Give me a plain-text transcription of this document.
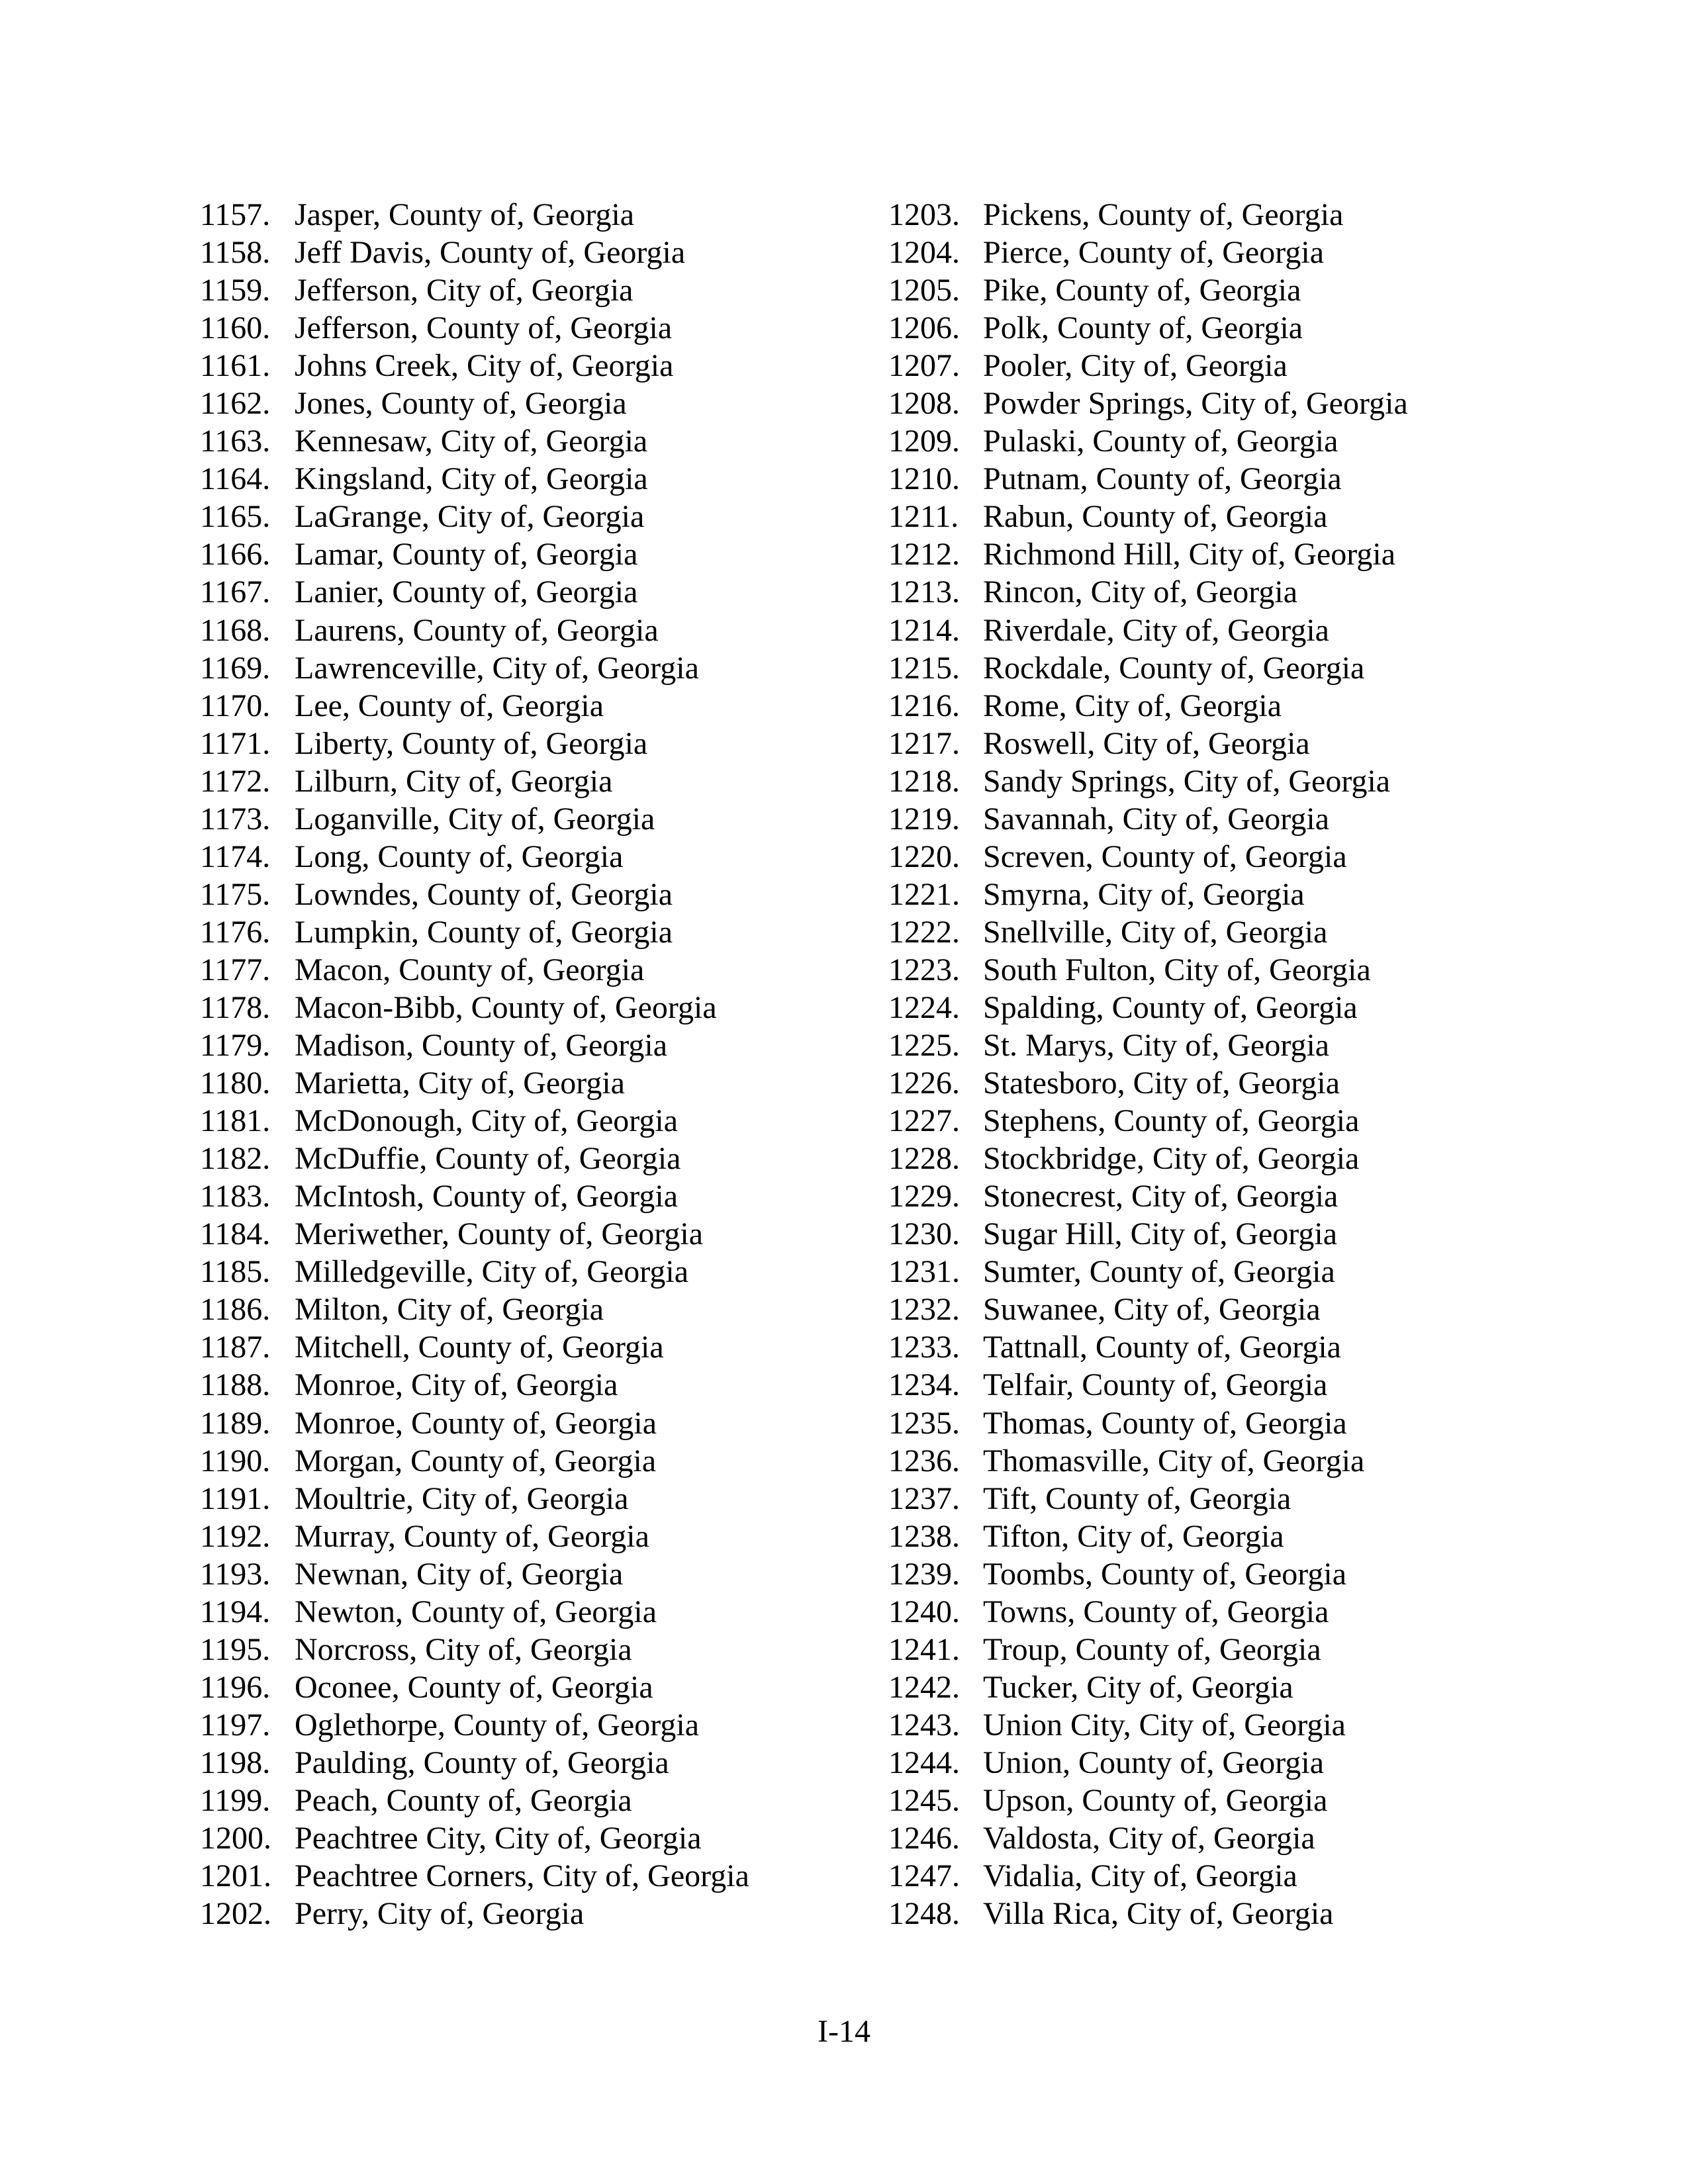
1157. Jasper, County of, Georgia
1158. Jeff Davis, County of, Georgia
1159. Jefferson, City of, Georgia
1160. Jefferson, County of, Georgia
1161. Johns Creek, City of, Georgia
1162. Jones, County of, Georgia
1163. Kennesaw, City of, Georgia
1164. Kingsland, City of, Georgia
1165. LaGrange, City of, Georgia
1166. Lamar, County of, Georgia
1167. Lanier, County of, Georgia
1168. Laurens, County of, Georgia
1169. Lawrenceville, City of, Georgia
1170. Lee, County of, Georgia
1171. Liberty, County of, Georgia
1172. Lilburn, City of, Georgia
1173. Loganville, City of, Georgia
1174. Long, County of, Georgia
1175. Lowndes, County of, Georgia
1176. Lumpkin, County of, Georgia
1177. Macon, County of, Georgia
1178. Macon-Bibb, County of, Georgia
1179. Madison, County of, Georgia
1180. Marietta, City of, Georgia
1181. McDonough, City of, Georgia
1182. McDuffie, County of, Georgia
1183. McIntosh, County of, Georgia
1184. Meriwether, County of, Georgia
1185. Milledgeville, City of, Georgia
1186. Milton, City of, Georgia
1187. Mitchell, County of, Georgia
1188. Monroe, City of, Georgia
1189. Monroe, County of, Georgia
1190. Morgan, County of, Georgia
1191. Moultrie, City of, Georgia
1192. Murray, County of, Georgia
1193. Newnan, City of, Georgia
1194. Newton, County of, Georgia
1195. Norcross, City of, Georgia
1196. Oconee, County of, Georgia
1197. Oglethorpe, County of, Georgia
1198. Paulding, County of, Georgia
1199. Peach, County of, Georgia
1200. Peachtree City, City of, Georgia
1201. Peachtree Corners, City of, Georgia
1202. Perry, City of, Georgia
1203. Pickens, County of, Georgia
1204. Pierce, County of, Georgia
1205. Pike, County of, Georgia
1206. Polk, County of, Georgia
1207. Pooler, City of, Georgia
1208. Powder Springs, City of, Georgia
1209. Pulaski, County of, Georgia
1210. Putnam, County of, Georgia
1211. Rabun, County of, Georgia
1212. Richmond Hill, City of, Georgia
1213. Rincon, City of, Georgia
1214. Riverdale, City of, Georgia
1215. Rockdale, County of, Georgia
1216. Rome, City of, Georgia
1217. Roswell, City of, Georgia
1218. Sandy Springs, City of, Georgia
1219. Savannah, City of, Georgia
1220. Screven, County of, Georgia
1221. Smyrna, City of, Georgia
1222. Snellville, City of, Georgia
1223. South Fulton, City of, Georgia
1224. Spalding, County of, Georgia
1225. St. Marys, City of, Georgia
1226. Statesboro, City of, Georgia
1227. Stephens, County of, Georgia
1228. Stockbridge, City of, Georgia
1229. Stonecrest, City of, Georgia
1230. Sugar Hill, City of, Georgia
1231. Sumter, County of, Georgia
1232. Suwanee, City of, Georgia
1233. Tattnall, County of, Georgia
1234. Telfair, County of, Georgia
1235. Thomas, County of, Georgia
1236. Thomasville, City of, Georgia
1237. Tift, County of, Georgia
1238. Tifton, City of, Georgia
1239. Toombs, County of, Georgia
1240. Towns, County of, Georgia
1241. Troup, County of, Georgia
1242. Tucker, City of, Georgia
1243. Union City, City of, Georgia
1244. Union, County of, Georgia
1245. Upson, County of, Georgia
1246. Valdosta, City of, Georgia
1247. Vidalia, City of, Georgia
1248. Villa Rica, City of, Georgia
I-14
